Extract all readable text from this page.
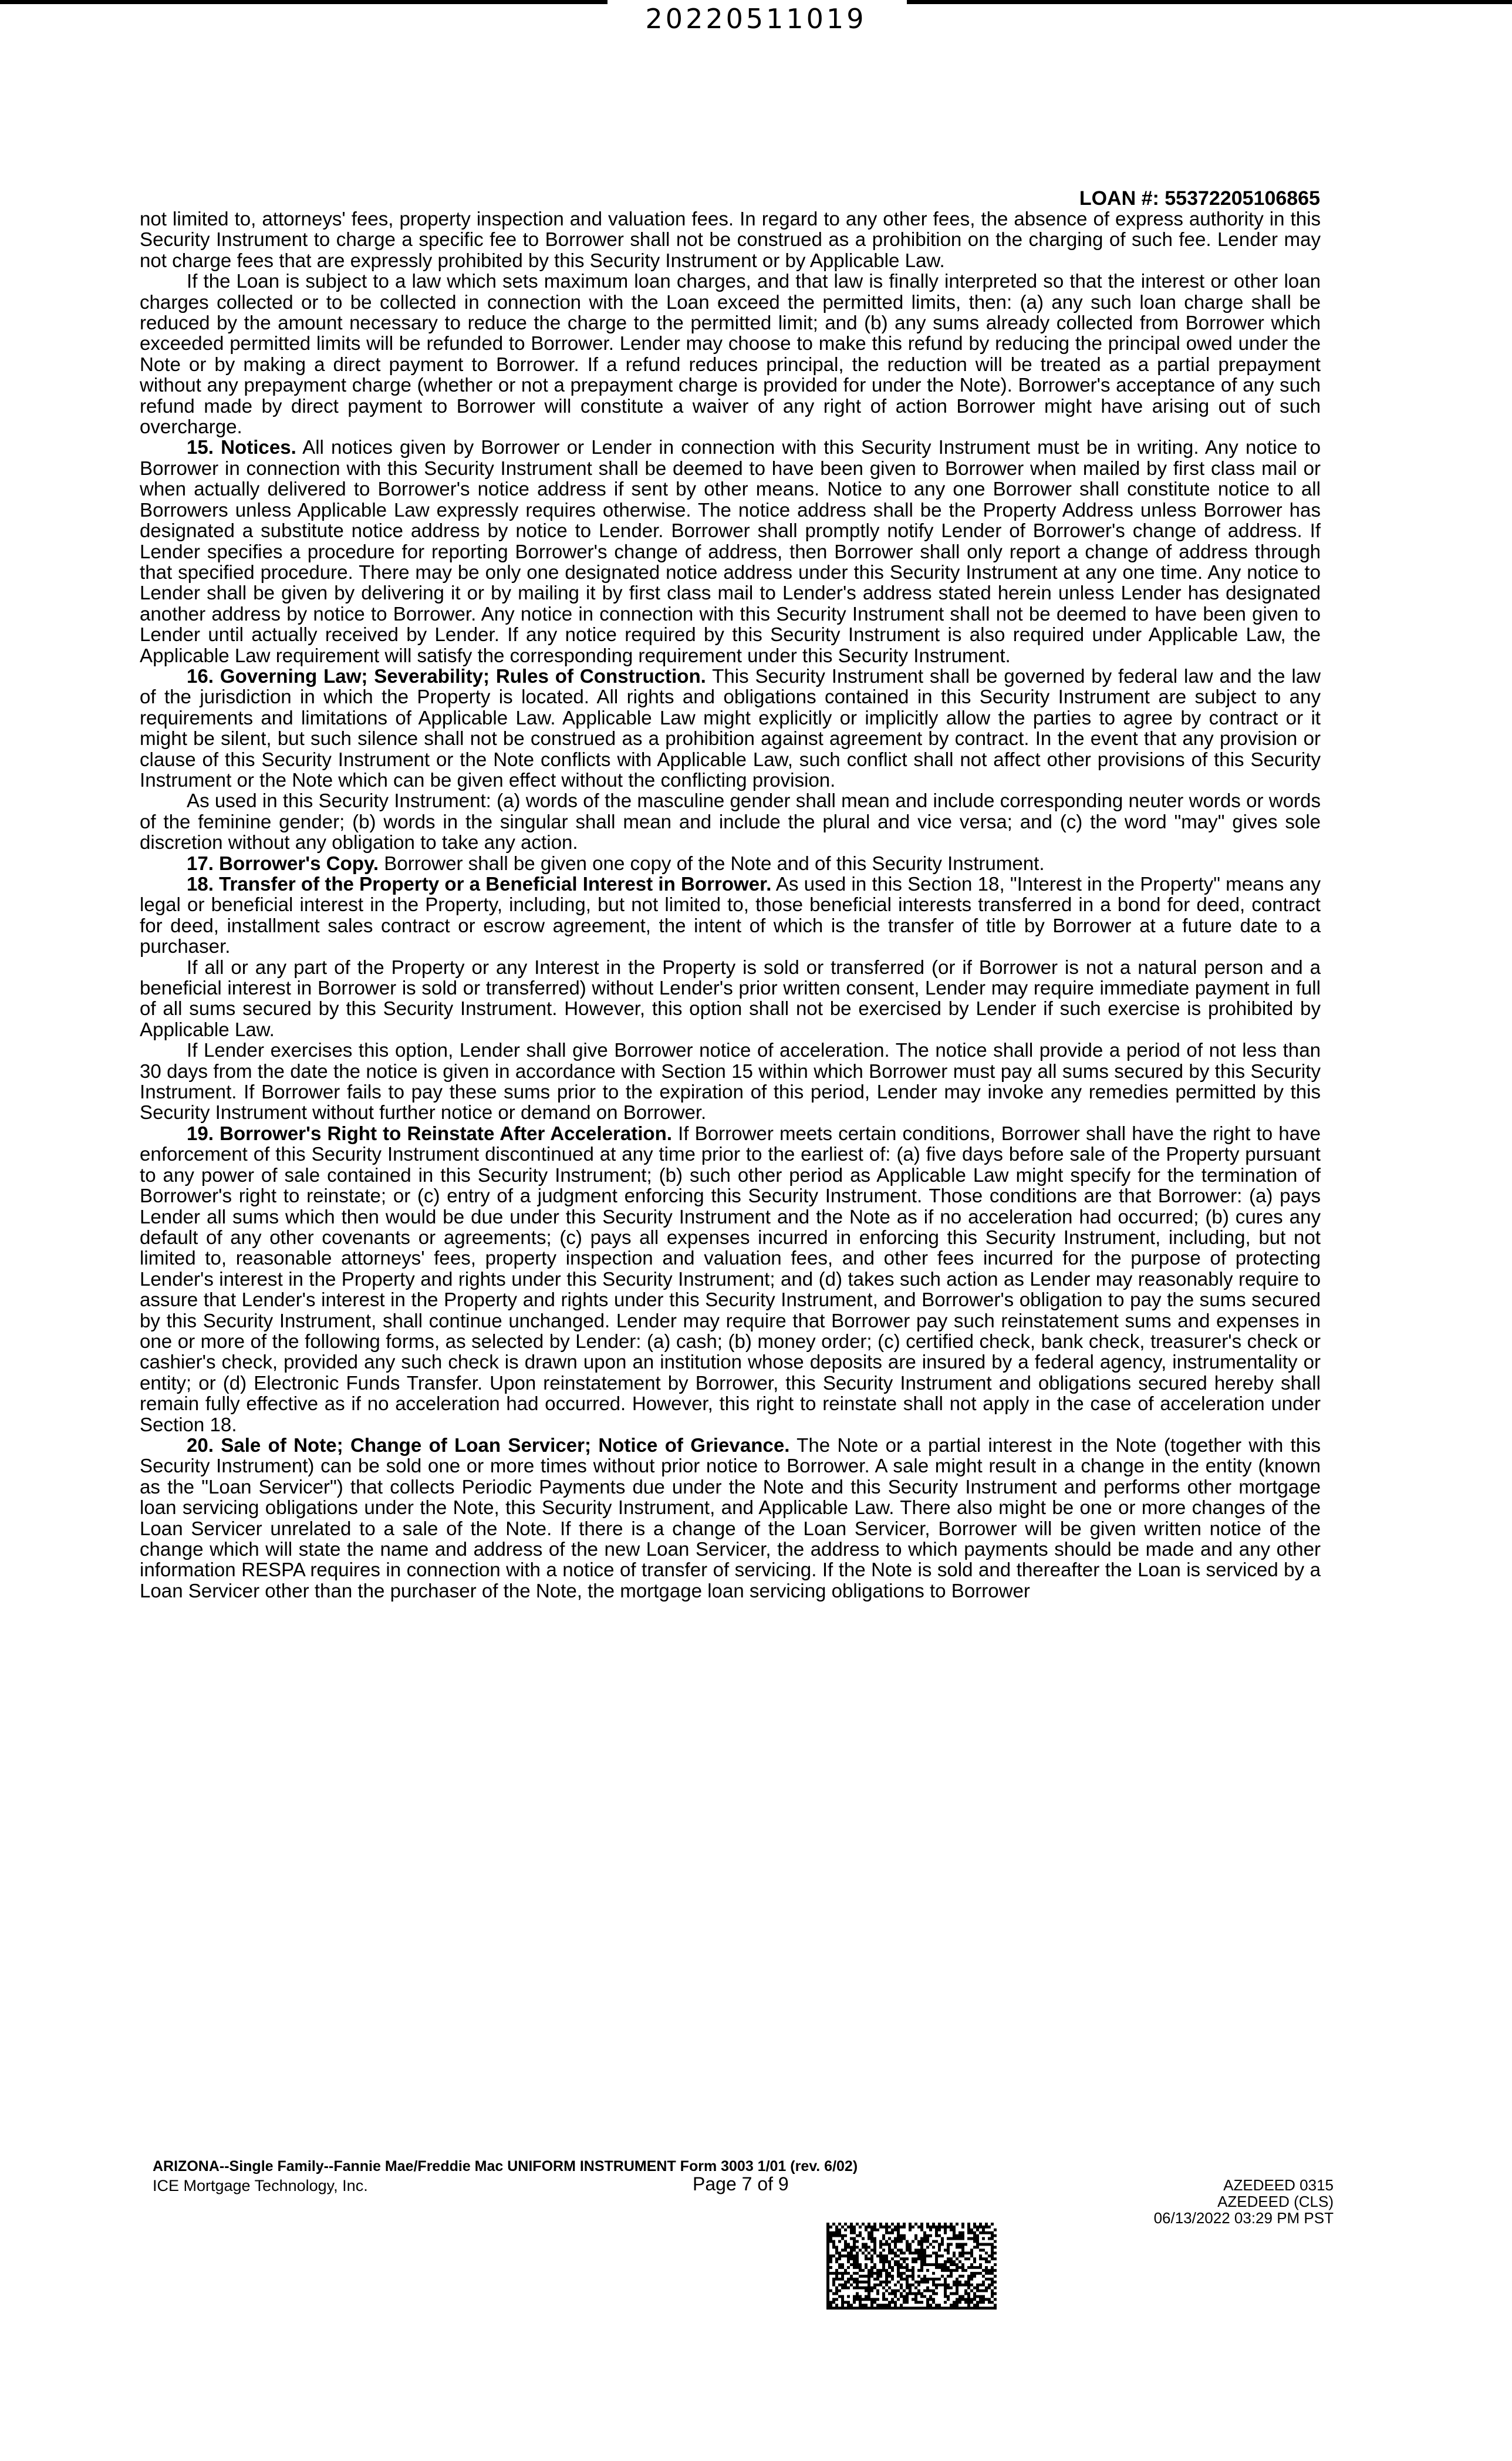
20220511019
LOAN #: 55372205106865

not limited to, attorneys' fees, property inspection and valuation fees. In regard to any other fees, the absence of express authority in this Security Instrument to charge a specific fee to Borrower shall not be construed as a prohibition on the charging of such fee. Lender may not charge fees that are expressly prohibited by this Security Instrument or by Applicable Law.

If the Loan is subject to a law which sets maximum loan charges, and that law is finally interpreted so that the interest or other loan charges collected or to be collected in connection with the Loan exceed the permitted limits, then: (a) any such loan charge shall be reduced by the amount necessary to reduce the charge to the permitted limit; and (b) any sums already collected from Borrower which exceeded permitted limits will be refunded to Borrower. Lender may choose to make this refund by reducing the principal owed under the Note or by making a direct payment to Borrower. If a refund reduces principal, the reduction will be treated as a partial prepayment without any prepayment charge (whether or not a prepayment charge is provided for under the Note). Borrower's acceptance of any such refund made by direct payment to Borrower will constitute a waiver of any right of action Borrower might have arising out of such overcharge.

15. Notices. All notices given by Borrower or Lender in connection with this Security Instrument must be in writing. Any notice to Borrower in connection with this Security Instrument shall be deemed to have been given to Borrower when mailed by first class mail or when actually delivered to Borrower's notice address if sent by other means. Notice to any one Borrower shall constitute notice to all Borrowers unless Applicable Law expressly requires otherwise. The notice address shall be the Property Address unless Borrower has designated a substitute notice address by notice to Lender. Borrower shall promptly notify Lender of Borrower's change of address. If Lender specifies a procedure for reporting Borrower's change of address, then Borrower shall only report a change of address through that specified procedure. There may be only one designated notice address under this Security Instrument at any one time. Any notice to Lender shall be given by delivering it or by mailing it by first class mail to Lender's address stated herein unless Lender has designated another address by notice to Borrower. Any notice in connection with this Security Instrument shall not be deemed to have been given to Lender until actually received by Lender. If any notice required by this Security Instrument is also required under Applicable Law, the Applicable Law requirement will satisfy the corresponding requirement under this Security Instrument.

16. Governing Law; Severability; Rules of Construction. This Security Instrument shall be governed by federal law and the law of the jurisdiction in which the Property is located. All rights and obligations contained in this Security Instrument are subject to any requirements and limitations of Applicable Law. Applicable Law might explicitly or implicitly allow the parties to agree by contract or it might be silent, but such silence shall not be construed as a prohibition against agreement by contract. In the event that any provision or clause of this Security Instrument or the Note conflicts with Applicable Law, such conflict shall not affect other provisions of this Security Instrument or the Note which can be given effect without the conflicting provision.

As used in this Security Instrument: (a) words of the masculine gender shall mean and include corresponding neuter words or words of the feminine gender; (b) words in the singular shall mean and include the plural and vice versa; and (c) the word "may" gives sole discretion without any obligation to take any action.

17. Borrower's Copy. Borrower shall be given one copy of the Note and of this Security Instrument.

18. Transfer of the Property or a Beneficial Interest in Borrower. As used in this Section 18, "Interest in the Property" means any legal or beneficial interest in the Property, including, but not limited to, those beneficial interests transferred in a bond for deed, contract for deed, installment sales contract or escrow agreement, the intent of which is the transfer of title by Borrower at a future date to a purchaser.

If all or any part of the Property or any Interest in the Property is sold or transferred (or if Borrower is not a natural person and a beneficial interest in Borrower is sold or transferred) without Lender's prior written consent, Lender may require immediate payment in full of all sums secured by this Security Instrument. However, this option shall not be exercised by Lender if such exercise is prohibited by Applicable Law.

If Lender exercises this option, Lender shall give Borrower notice of acceleration. The notice shall provide a period of not less than 30 days from the date the notice is given in accordance with Section 15 within which Borrower must pay all sums secured by this Security Instrument. If Borrower fails to pay these sums prior to the expiration of this period, Lender may invoke any remedies permitted by this Security Instrument without further notice or demand on Borrower.

19. Borrower's Right to Reinstate After Acceleration. If Borrower meets certain conditions, Borrower shall have the right to have enforcement of this Security Instrument discontinued at any time prior to the earliest of: (a) five days before sale of the Property pursuant to any power of sale contained in this Security Instrument; (b) such other period as Applicable Law might specify for the termination of Borrower's right to reinstate; or (c) entry of a judgment enforcing this Security Instrument. Those conditions are that Borrower: (a) pays Lender all sums which then would be due under this Security Instrument and the Note as if no acceleration had occurred; (b) cures any default of any other covenants or agreements; (c) pays all expenses incurred in enforcing this Security Instrument, including, but not limited to, reasonable attorneys' fees, property inspection and valuation fees, and other fees incurred for the purpose of protecting Lender's interest in the Property and rights under this Security Instrument; and (d) takes such action as Lender may reasonably require to assure that Lender's interest in the Property and rights under this Security Instrument, and Borrower's obligation to pay the sums secured by this Security Instrument, shall continue unchanged. Lender may require that Borrower pay such reinstatement sums and expenses in one or more of the following forms, as selected by Lender: (a) cash; (b) money order; (c) certified check, bank check, treasurer's check or cashier's check, provided any such check is drawn upon an institution whose deposits are insured by a federal agency, instrumentality or entity; or (d) Electronic Funds Transfer. Upon reinstatement by Borrower, this Security Instrument and obligations secured hereby shall remain fully effective as if no acceleration had occurred. However, this right to reinstate shall not apply in the case of acceleration under Section 18.

20. Sale of Note; Change of Loan Servicer; Notice of Grievance. The Note or a partial interest in the Note (together with this Security Instrument) can be sold one or more times without prior notice to Borrower. A sale might result in a change in the entity (known as the "Loan Servicer") that collects Periodic Payments due under the Note and this Security Instrument and performs other mortgage loan servicing obligations under the Note, this Security Instrument, and Applicable Law. There also might be one or more changes of the Loan Servicer unrelated to a sale of the Note. If there is a change of the Loan Servicer, Borrower will be given written notice of the change which will state the name and address of the new Loan Servicer, the address to which payments should be made and any other information RESPA requires in connection with a notice of transfer of servicing. If the Note is sold and thereafter the Loan is serviced by a Loan Servicer other than the purchaser of the Note, the mortgage loan servicing obligations to Borrower

ARIZONA--Single Family--Fannie Mae/Freddie Mac UNIFORM INSTRUMENT Form 3003 1/01 (rev. 6/02)
ICE Mortgage Technology, Inc.	Page 7 of 9	AZEDEED 0315
AZEDEED (CLS)
06/13/2022 03:29 PM PST
